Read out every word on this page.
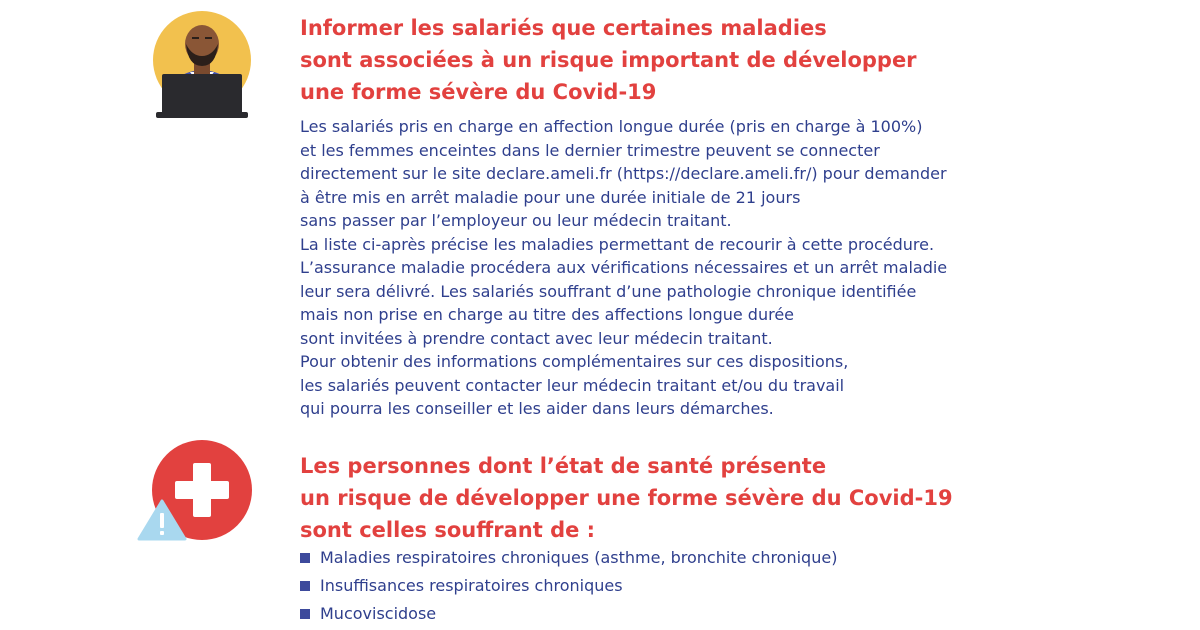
Informer les salariés que certaines maladies
sont associées à un risque important de développer
une forme sévère du Covid-19
Les salariés pris en charge en affection longue durée (pris en charge à 100%)
et les femmes enceintes dans le dernier trimestre peuvent se connecter
directement sur le site declare.ameli.fr (https://declare.ameli.fr/) pour demander
à être mis en arrêt maladie pour une durée initiale de 21 jours
sans passer par l’employeur ou leur médecin traitant.
La liste ci-après précise les maladies permettant de recourir à cette procédure.
L’assurance maladie procédera aux vérifications nécessaires et un arrêt maladie
leur sera délivré. Les salariés souffrant d’une pathologie chronique identifiée
mais non prise en charge au titre des affections longue durée
sont invitées à prendre contact avec leur médecin traitant.
Pour obtenir des informations complémentaires sur ces dispositions,
les salariés peuvent contacter leur médecin traitant et/ou du travail
qui pourra les conseiller et les aider dans leurs démarches.
Les personnes dont l’état de santé présente
un risque de développer une forme sévère du Covid-19
sont celles souffrant de :
Maladies respiratoires chroniques (asthme, bronchite chronique)
Insuffisances respiratoires chroniques
Mucoviscidose
